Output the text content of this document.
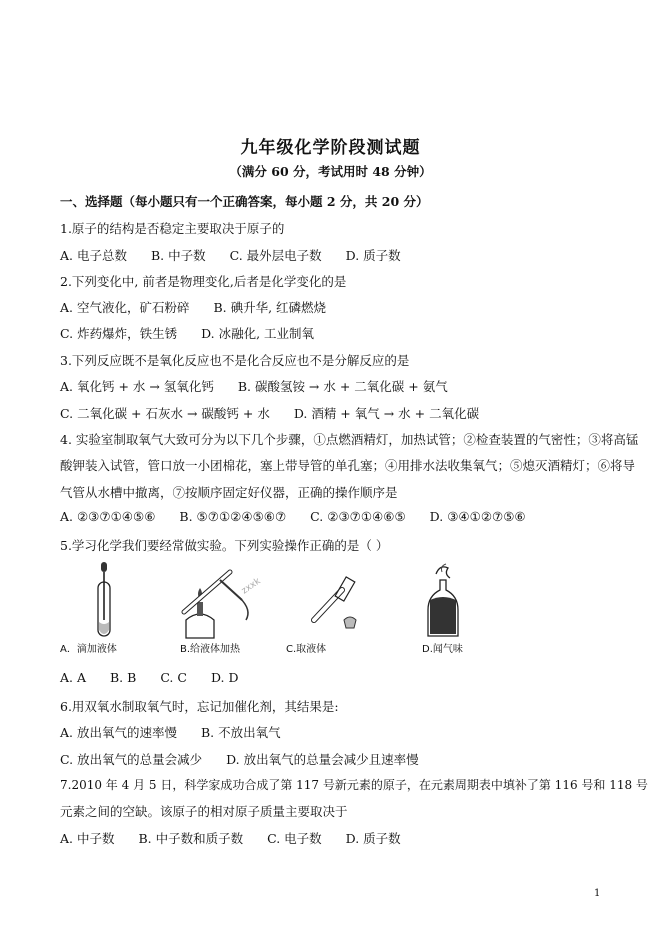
九年级化学阶段测试题
（满分 60 分，考试用时 48 分钟）
一、选择题（每小题只有一个正确答案，每小题 2 分，共 20 分）
1.原子的结构是否稳定主要取决于原子的
A. 电子总数 B. 中子数 C. 最外层电子数 D. 质子数
2.下列变化中, 前者是物理变化,后者是化学变化的是
A. 空气液化，矿石粉碎 B. 碘升华, 红磷燃烧
C. 炸药爆炸，铁生锈 D. 冰融化, 工业制氧
3.下列反应既不是氧化反应也不是化合反应也不是分解反应的是
A. 氧化钙 + 水 → 氢氧化钙 B. 碳酸氢铵 → 水 + 二氧化碳 + 氨气
C. 二氧化碳 + 石灰水 → 碳酸钙 + 水 D. 酒精 + 氧气 → 水 + 二氧化碳
4. 实验室制取氧气大致可分为以下几个步骤，①点燃酒精灯，加热试管；②检查装置的气密性；③将高锰
酸钾装入试管，管口放一小团棉花，塞上带导管的单孔塞；④用排水法收集氧气；⑤熄灭酒精灯；⑥将导
气管从水槽中撤离，⑦按顺序固定好仪器，正确的操作顺序是
A. ②③⑦①④⑤⑥ B. ⑤⑦①②④⑤⑥⑦ C. ②③⑦①④⑥⑤ D. ③④①②⑦⑤⑥
5.学习化学我们要经常做实验。下列实验操作正确的是（ ）
A．滴加液体
zxxk
B.给液体加热	C.取液体	D.闻气味
A. A B. B C. C D. D
6.用双氧水制取氧气时，忘记加催化剂，其结果是:
A. 放出氧气的速率慢 B. 不放出氧气
C. 放出氧气的总量会减少 D. 放出氧气的总量会减少且速率慢
7.2010 年 4 月 5 日，科学家成功合成了第 117 号新元素的原子，在元素周期表中填补了第 116 号和 118 号
元素之间的空缺。该原子的相对原子质量主要取决于
A. 中子数 B. 中子数和质子数 C. 电子数 D. 质子数
1
